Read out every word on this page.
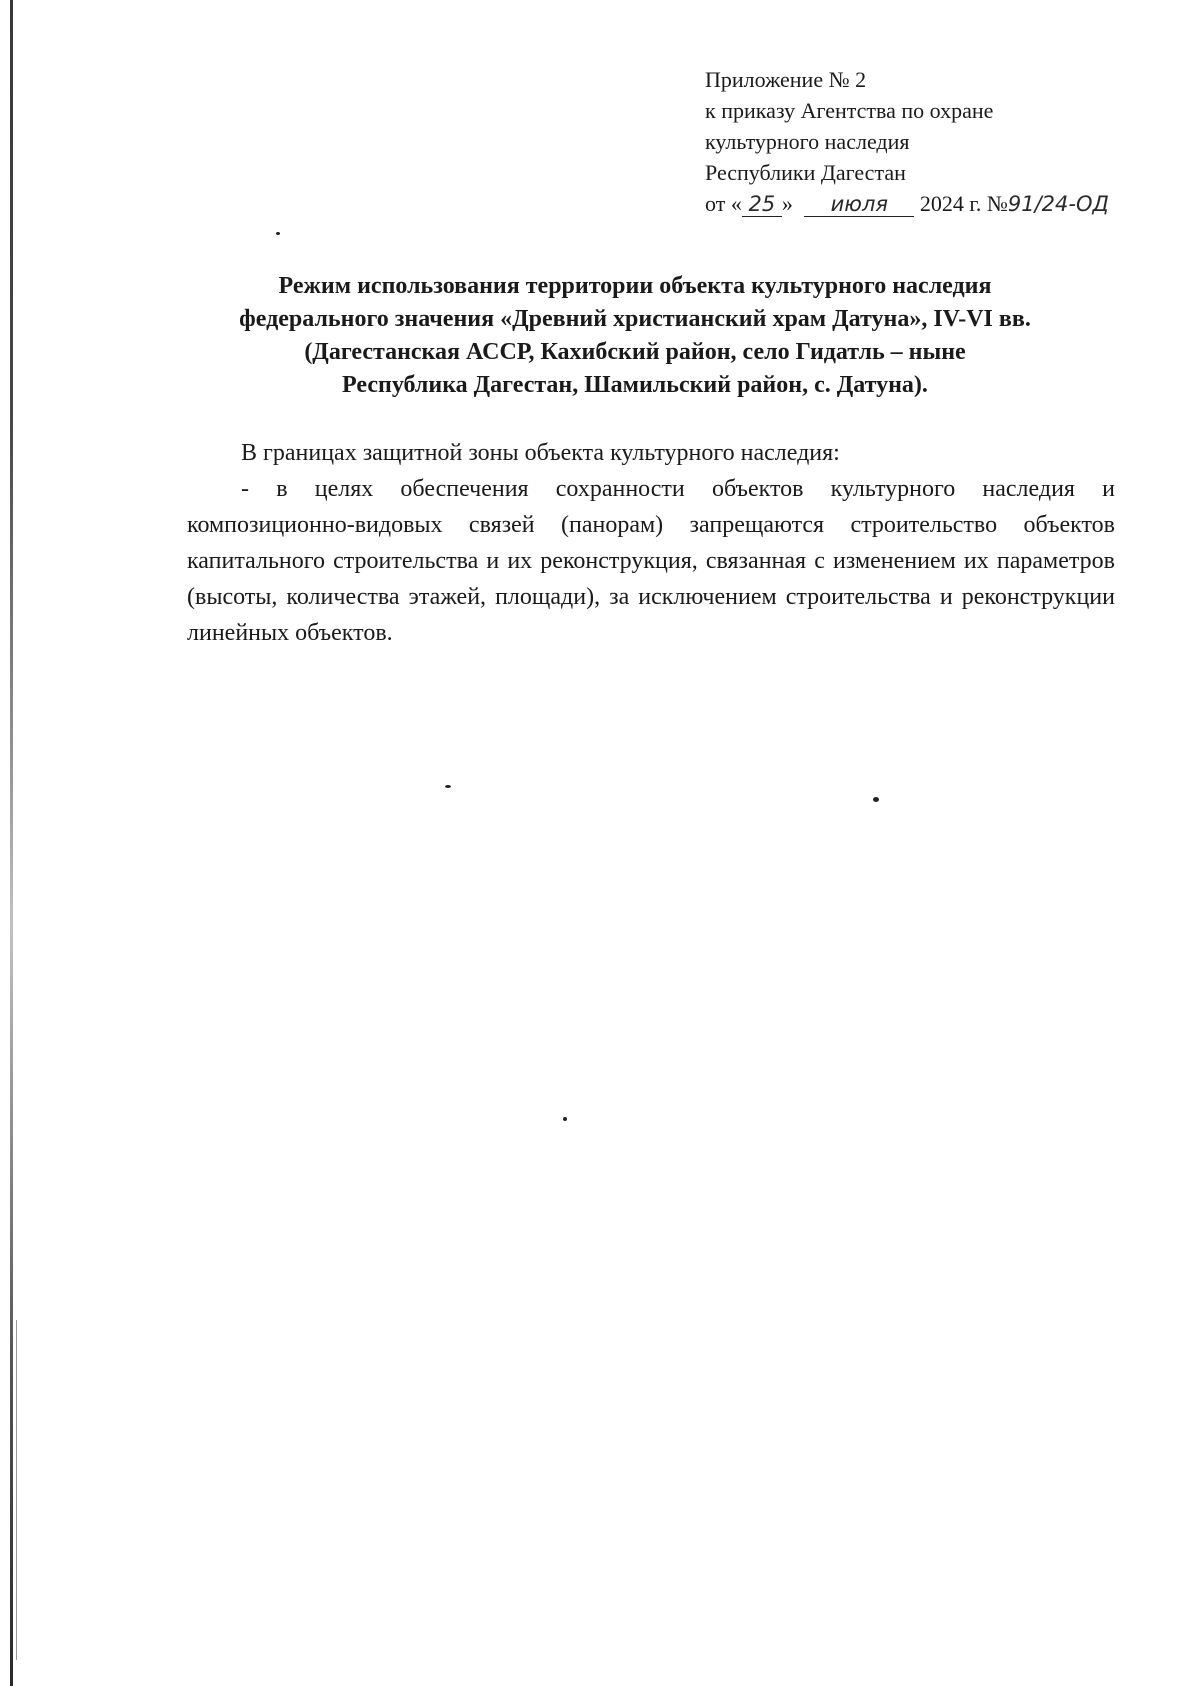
Приложение № 2
к приказу Агентства по охране
культурного наследия
Республики Дагестан
от « 25 » июля 2024 г. №91/24-ОД
Режим использования территории объекта культурного наследия
федерального значения «Древний христианский храм Датуна», IV-VI вв.
(Дагестанская АССР, Кахибский район, село Гидатль – ныне
Республика Дагестан, Шамильский район, с. Датуна).

В границах защитной зоны объекта культурного наследия:

- в целях обеспечения сохранности объектов культурного наследия и композиционно-видовых связей (панорам) запрещаются строительство объектов капитального строительства и их реконструкция, связанная с изменением их параметров (высоты, количества этажей, площади), за исключением строительства и реконструкции линейных объектов.
